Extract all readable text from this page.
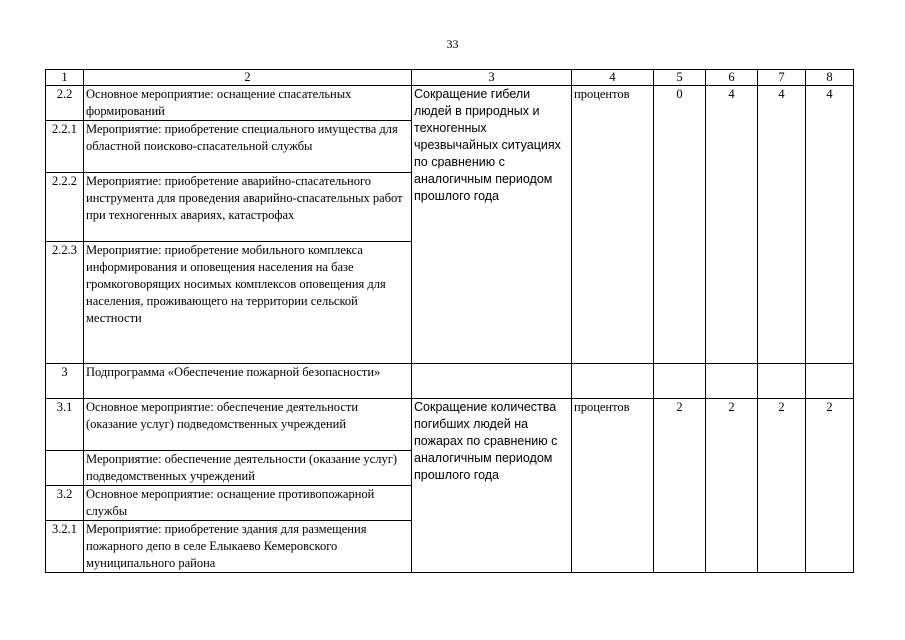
33
1	2	3	4	5	6	7	8
2.2	Основное мероприятие: оснащение спасательных формирований	Сокращение гибели людей в природных и техногенных чрезвычайных ситуациях по сравнению с аналогичным периодом прошлого года	процентов	0	4	4	4
2.2.1	Мероприятие: приобретение специального имущества для областной поисково-спасательной службы						
2.2.2	Мероприятие: приобретение аварийно-спасательного инструмента для проведения аварийно-спасательных работ при техногенных авариях, катастрофах						
2.2.3	Мероприятие: приобретение мобильного комплекса информирования и оповещения населения на базе громкоговорящих носимых комплексов оповещения для населения, проживающего на территории сельской местности						
3	Подпрограмма «Обеспечение пожарной безопасности»						
3.1	Основное мероприятие: обеспечение деятельности (оказание услуг) подведомственных учреждений	Сокращение количества погибших людей на пожарах по сравнению с аналогичным периодом прошлого года	процентов	2	2	2	2
	Мероприятие: обеспечение деятельности (оказание услуг) подведомственных учреждений						
3.2	Основное мероприятие: оснащение противопожарной службы						
3.2.1	Мероприятие: приобретение здания для размещения пожарного депо в селе Елыкаево Кемеровского муниципального района						
